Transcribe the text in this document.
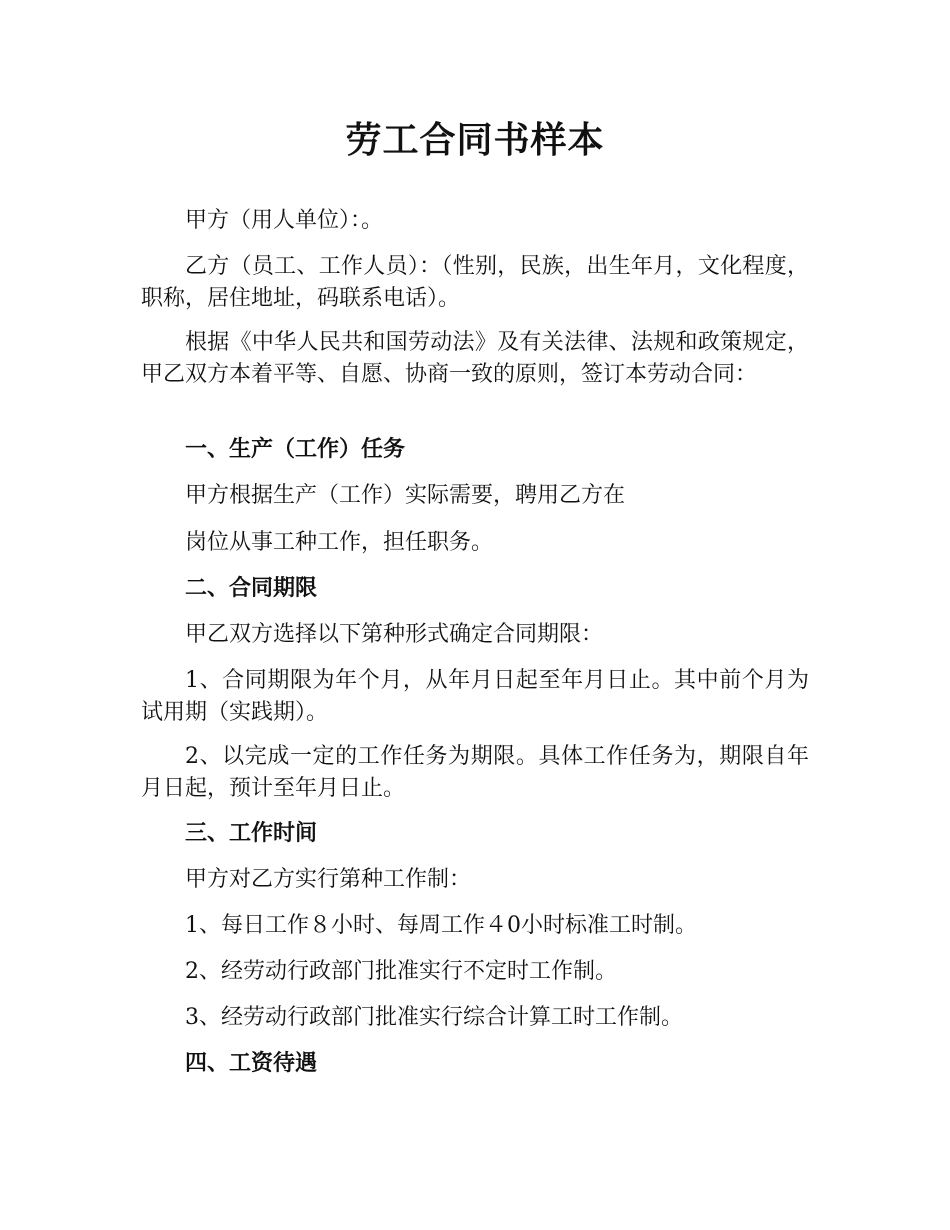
劳工合同书样本

甲方（用人单位）：。

乙方（员工、工作人员）：（性别，民族，出生年月，文化程度，职称，居住地址，码联系电话）。

根据《中华人民共和国劳动法》及有关法律、法规和政策规定，甲乙双方本着平等、自愿、协商一致的原则，签订本劳动合同：

一、生产（工作）任务

甲方根据生产（工作）实际需要，聘用乙方在

岗位从事工种工作，担任职务。

二、合同期限

甲乙双方选择以下第种形式确定合同期限：

1、合同期限为年个月，从年月日起至年月日止。其中前个月为试用期（实践期）。

2、以完成一定的工作任务为期限。具体工作任务为，期限自年月日起，预计至年月日止。

三、工作时间

甲方对乙方实行第种工作制：

1、每日工作８小时、每周工作４0小时标准工时制。

2、经劳动行政部门批准实行不定时工作制。

3、经劳动行政部门批准实行综合计算工时工作制。

四、工资待遇
